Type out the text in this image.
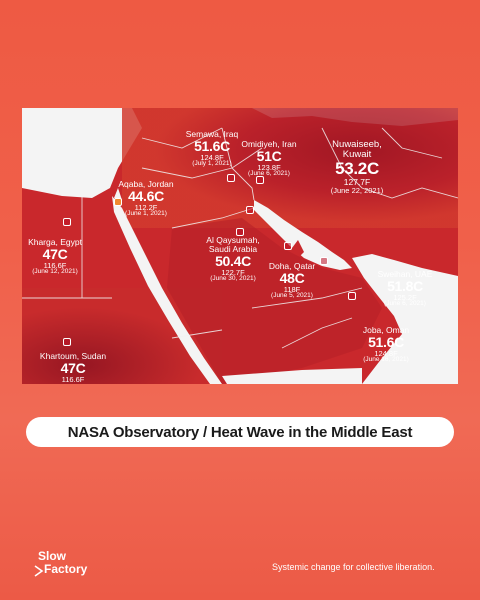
Semawa, Iraq
51.6C
124.8F
(July 1, 2021)
Omidiyeh, Iran
51C
123.8F
(June 6, 2021)
Nuwaiseeb,
Kuwait
53.2C
127.7F
(June 22, 2021)
Aqaba, Jordan
44.6C
112.2F
(June 1, 2021)
Kharga, Egypt
47C
116.6F
(June 12, 2021)
Al Qaysumah,
Saudi Arabia
50.4C
122.7F
(June 30, 2021)
Doha, Qatar
48C
118F
(June 5, 2021)
Sweihan, UAE
51.8C
125.2F
(June 6, 2021)
Joba, Oman
51.6C
124.8F
(June 16, 2021)
Khartoum, Sudan
47C
116.6F
NASA Observatory / Heat Wave in the Middle East
Slow
Factory	Systemic change for collective liberation.
